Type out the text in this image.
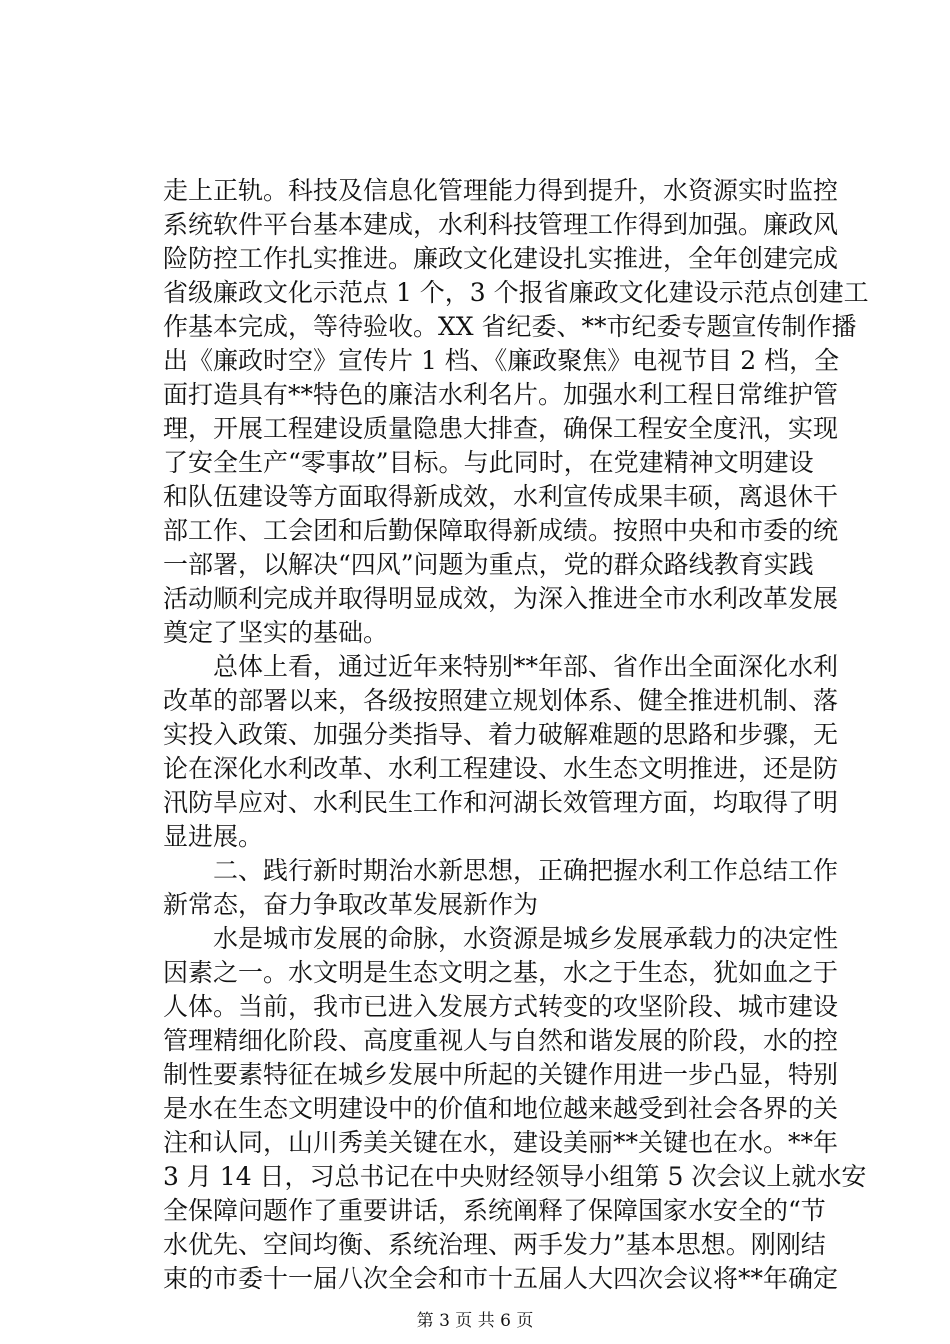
走上正轨。科技及信息化管理能力得到提升，水资源实时监控
系统软件平台基本建成，水利科技管理工作得到加强。廉政风
险防控工作扎实推进。廉政文化建设扎实推进，全年创建完成
省级廉政文化示范点 1 个，3 个报省廉政文化建设示范点创建工
作基本完成，等待验收。XX 省纪委、**市纪委专题宣传制作播
出《廉政时空》宣传片 1 档、《廉政聚焦》电视节目 2 档，全
面打造具有**特色的廉洁水利名片。加强水利工程日常维护管
理，开展工程建设质量隐患大排查，确保工程安全度汛，实现
了安全生产“零事故”目标。与此同时，在党建精神文明建设
和队伍建设等方面取得新成效，水利宣传成果丰硕，离退休干
部工作、工会团和后勤保障取得新成绩。按照中央和市委的统
一部署，以解决“四风”问题为重点，党的群众路线教育实践
活动顺利完成并取得明显成效，为深入推进全市水利改革发展
奠定了坚实的基础。
　　总体上看，通过近年来特别**年部、省作出全面深化水利
改革的部署以来，各级按照建立规划体系、健全推进机制、落
实投入政策、加强分类指导、着力破解难题的思路和步骤，无
论在深化水利改革、水利工程建设、水生态文明推进，还是防
汛防旱应对、水利民生工作和河湖长效管理方面，均取得了明
显进展。
　　二、践行新时期治水新思想，正确把握水利工作总结工作
新常态，奋力争取改革发展新作为
　　水是城市发展的命脉，水资源是城乡发展承载力的决定性
因素之一。水文明是生态文明之基，水之于生态，犹如血之于
人体。当前，我市已进入发展方式转变的攻坚阶段、城市建设
管理精细化阶段、高度重视人与自然和谐发展的阶段，水的控
制性要素特征在城乡发展中所起的关键作用进一步凸显，特别
是水在生态文明建设中的价值和地位越来越受到社会各界的关
注和认同，山川秀美关键在水，建设美丽**关键也在水。**年
3 月 14 日，习总书记在中央财经领导小组第 5 次会议上就水安
全保障问题作了重要讲话，系统阐释了保障国家水安全的“节
水优先、空间均衡、系统治理、两手发力”基本思想。刚刚结
束的市委十一届八次全会和市十五届人大四次会议将**年确定
第 3 页 共 6 页
